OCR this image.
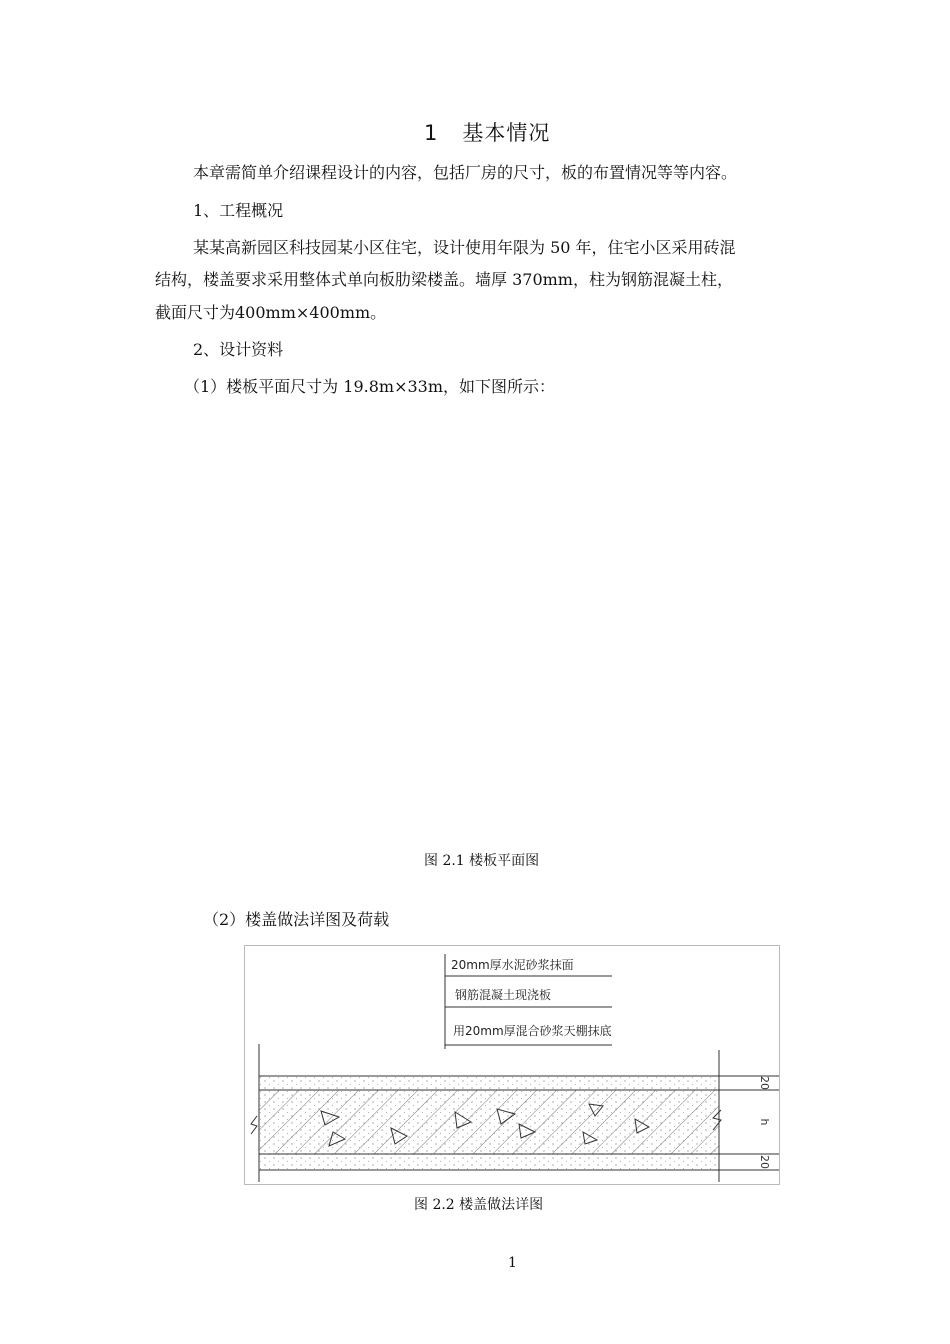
1 基本情况
本章需简单介绍课程设计的内容，包括厂房的尺寸，板的布置情况等等内容。
1、工程概况
某某高新园区科技园某小区住宅，设计使用年限为 50 年，住宅小区采用砖混
结构，楼盖要求采用整体式单向板肋梁楼盖。墙厚 370mm，柱为钢筋混凝土柱，
截面尺寸为400mm×400mm。
2、设计资料
（1）楼板平面尺寸为 19.8m×33m，如下图所示：
图 2.1 楼板平面图
（2）楼盖做法详图及荷载
20
h
20
20mm厚水泥砂浆抹面
钢筋混凝土现浇板
用20mm厚混合砂浆天棚抹底
图 2.2 楼盖做法详图
1
